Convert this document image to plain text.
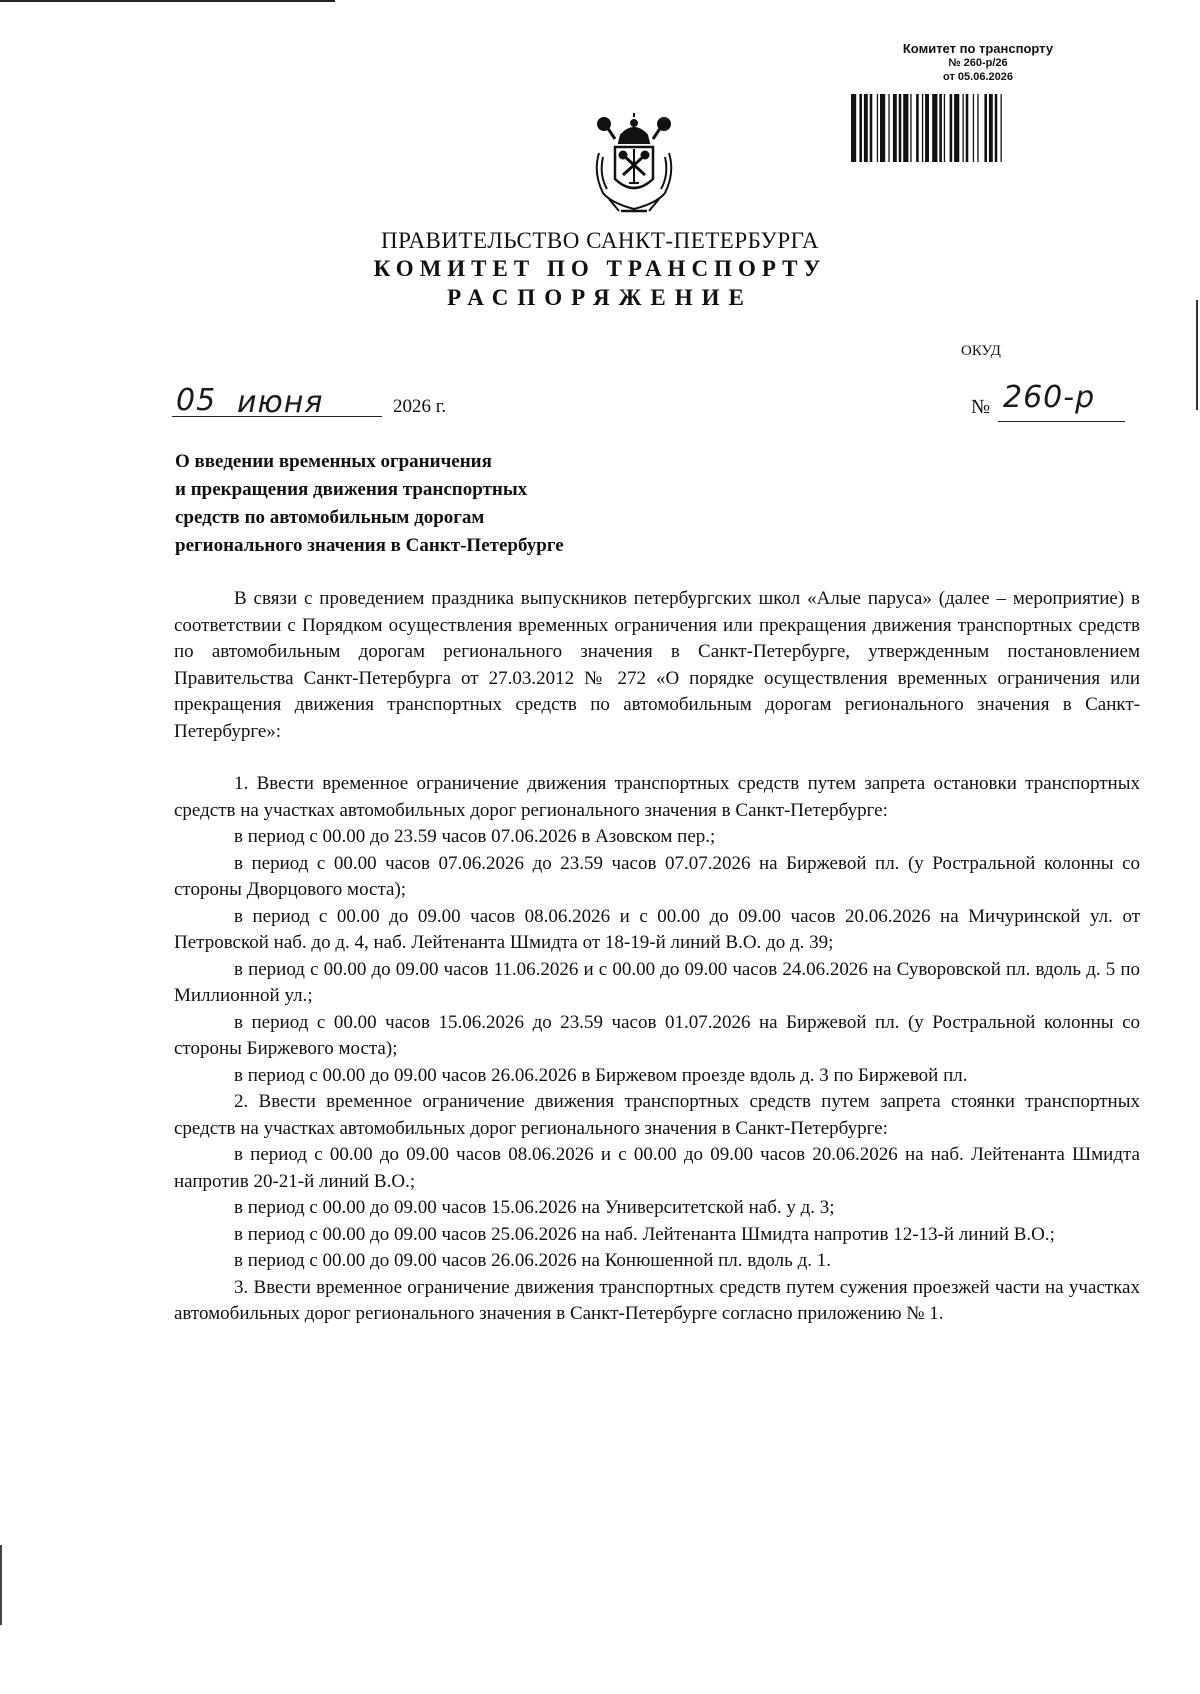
Комитет по транспорту
№ 260-р/26
от 05.06.2026
ПРАВИТЕЛЬСТВО САНКТ-ПЕТЕРБУРГА
КОМИТЕТ ПО ТРАНСПОРТУ
РАСПОРЯЖЕНИЕ
ОКУД
05 июня	2026 г.	№ 260-р
О введении временных ограничения
и прекращения движения транспортных
средств по автомобильным дорогам
регионального значения в Санкт-Петербурге

В связи с проведением праздника выпускников петербургских школ «Алые паруса» (далее – мероприятие) в соответствии с Порядком осуществления временных ограничения или прекращения движения транспортных средств по автомобильным дорогам регионального значения в Санкт-Петербурге, утвержденным постановлением Правительства Санкт-Петербурга от 27.03.2012 № 272 «О порядке осуществления временных ограничения или прекращения движения транспортных средств по автомобильным дорогам регионального значения в Санкт-Петербурге»:

1. Ввести временное ограничение движения транспортных средств путем запрета остановки транспортных средств на участках автомобильных дорог регионального значения в Санкт-Петербурге:

в период с 00.00 до 23.59 часов 07.06.2026 в Азовском пер.;

в период с 00.00 часов 07.06.2026 до 23.59 часов 07.07.2026 на Биржевой пл. (у Ростральной колонны со стороны Дворцового моста);

в период с 00.00 до 09.00 часов 08.06.2026 и с 00.00 до 09.00 часов 20.06.2026 на Мичуринской ул. от Петровской наб. до д. 4, наб. Лейтенанта Шмидта от 18-19-й линий В.О. до д. 39;

в период с 00.00 до 09.00 часов 11.06.2026 и с 00.00 до 09.00 часов 24.06.2026 на Суворовской пл. вдоль д. 5 по Миллионной ул.;

в период с 00.00 часов 15.06.2026 до 23.59 часов 01.07.2026 на Биржевой пл. (у Ростральной колонны со стороны Биржевого моста);

в период с 00.00 до 09.00 часов 26.06.2026 в Биржевом проезде вдоль д. 3 по Биржевой пл.

2. Ввести временное ограничение движения транспортных средств путем запрета стоянки транспортных средств на участках автомобильных дорог регионального значения в Санкт-Петербурге:

в период с 00.00 до 09.00 часов 08.06.2026 и с 00.00 до 09.00 часов 20.06.2026 на наб. Лейтенанта Шмидта напротив 20-21-й линий В.О.;

в период с 00.00 до 09.00 часов 15.06.2026 на Университетской наб. у д. 3;

в период с 00.00 до 09.00 часов 25.06.2026 на наб. Лейтенанта Шмидта напротив 12-13-й линий В.О.;

в период с 00.00 до 09.00 часов 26.06.2026 на Конюшенной пл. вдоль д. 1.

3. Ввести временное ограничение движения транспортных средств путем сужения проезжей части на участках автомобильных дорог регионального значения в Санкт-Петербурге согласно приложению № 1.
